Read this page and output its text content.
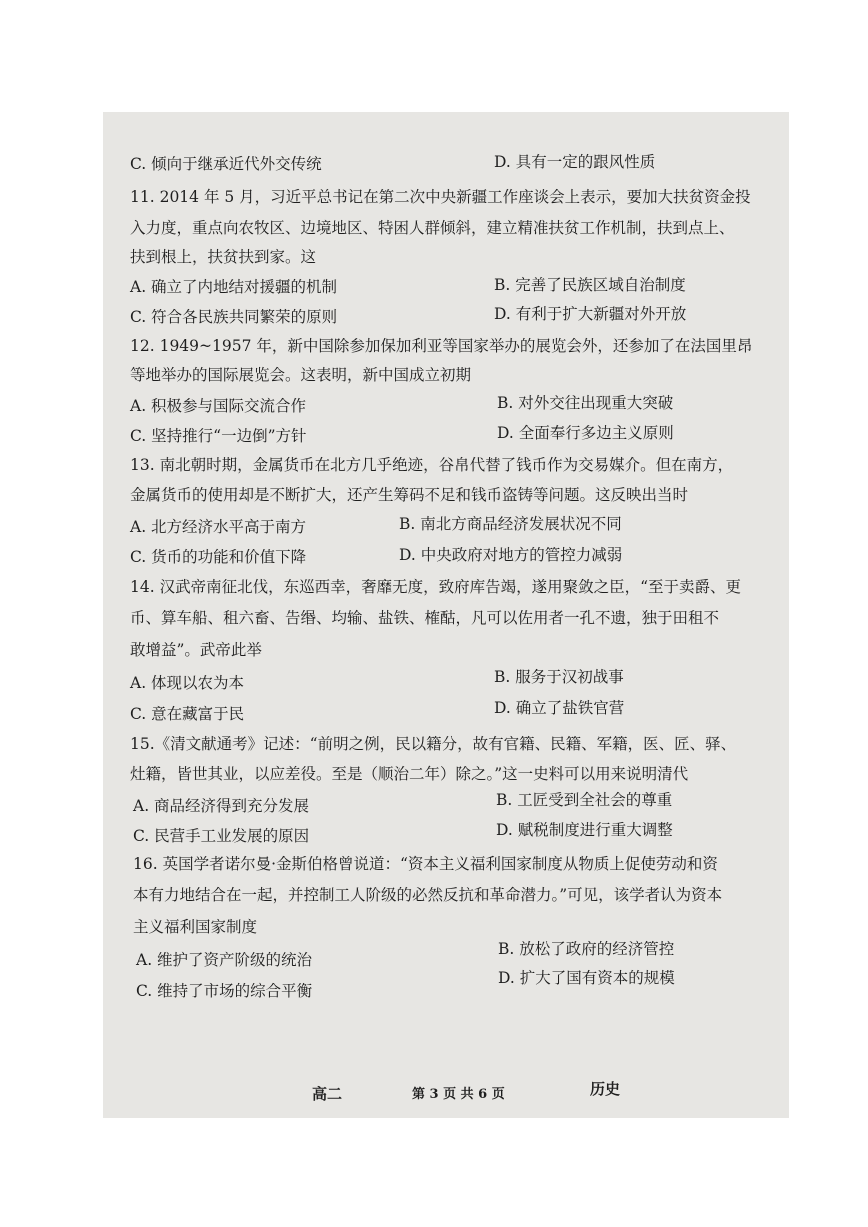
C. 倾向于继承近代外交传统	D. 具有一定的跟风性质
11. 2014 年 5 月，习近平总书记在第二次中央新疆工作座谈会上表示，要加大扶贫资金投
入力度，重点向农牧区、边境地区、特困人群倾斜，建立精准扶贫工作机制，扶到点上、
扶到根上，扶贫扶到家。这
A. 确立了内地结对援疆的机制	B. 完善了民族区域自治制度
C. 符合各民族共同繁荣的原则	D. 有利于扩大新疆对外开放
12. 1949~1957 年，新中国除参加保加利亚等国家举办的展览会外，还参加了在法国里昂
等地举办的国际展览会。这表明，新中国成立初期
A. 积极参与国际交流合作	B. 对外交往出现重大突破
C. 坚持推行“一边倒”方针	D. 全面奉行多边主义原则
13. 南北朝时期，金属货币在北方几乎绝迹，谷帛代替了钱币作为交易媒介。但在南方，
金属货币的使用却是不断扩大，还产生筹码不足和钱币盗铸等问题。这反映出当时
A. 北方经济水平高于南方	B. 南北方商品经济发展状况不同
C. 货币的功能和价值下降	D. 中央政府对地方的管控力减弱
14. 汉武帝南征北伐，东巡西幸，奢靡无度，致府库告竭，遂用聚敛之臣，“至于卖爵、更
币、算车船、租六畜、告缗、均输、盐铁、榷酤，凡可以佐用者一孔不遗，独于田租不
敢增益”。武帝此举
A. 体现以农为本	B. 服务于汉初战事
C. 意在藏富于民	D. 确立了盐铁官营
15.《清文献通考》记述：“前明之例，民以籍分，故有官籍、民籍、军籍，医、匠、驿、
灶籍，皆世其业，以应差役。至是（顺治二年）除之。”这一史料可以用来说明清代
A. 商品经济得到充分发展	B. 工匠受到全社会的尊重
C. 民营手工业发展的原因	D. 赋税制度进行重大调整
16. 英国学者诺尔曼·金斯伯格曾说道：“资本主义福利国家制度从物质上促使劳动和资
本有力地结合在一起，并控制工人阶级的必然反抗和革命潜力。”可见，该学者认为资本
主义福利国家制度
A. 维护了资产阶级的统治
B. 放松了政府的经济管控
C. 维持了市场的综合平衡
D. 扩大了国有资本的规模
高二	第 3 页 共 6 页	历史
